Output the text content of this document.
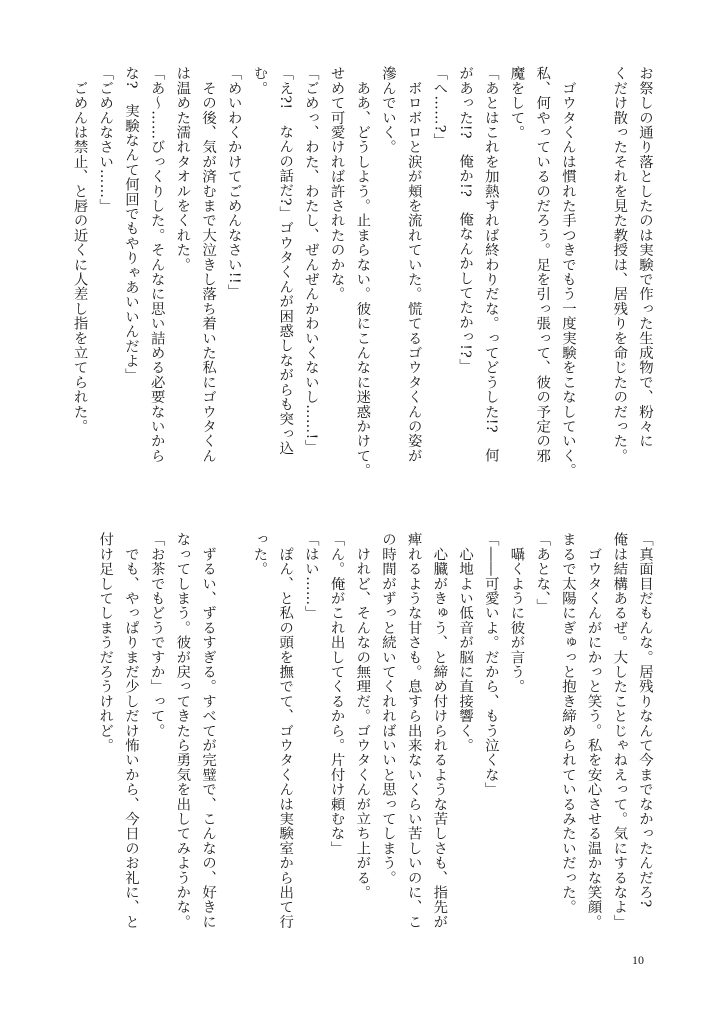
お祭しの通り落としたのは実験で作った生成物で、粉々に
くだけ散ったそれを見た教授は、居残りを命じたのだった。

　ゴウタくんは慣れた手つきでもう一度実験をこなしていく。
私、何やっているのだろう。足を引っ張って、彼の予定の邪
魔をして。
「あとはこれを加熱すれば終わりだな。ってどうした!?　何
があった!?　俺か!?　俺なんかしてたかっ!?」
「へ……?」
　ボロボロと涙が頬を流れていた。慌てるゴウタくんの姿が
滲んでいく。
　ああ、どうしよう。止まらない。彼にこんなに迷惑かけて。
せめて可愛ければ許されたのかな。
「ごめっ、わた、わたし、ぜんぜんかわいくないし……!」
「え?!　なんの話だ?」ゴウタくんが困惑しながらも突っ込
む。
「めいわくかけてごめんなさい!!」
　その後、気が済むまで大泣きし落ち着いた私にゴウタくん
は温めた濡れタオルをくれた。
「あ〜……びっくりした。そんなに思い詰める必要ないから
な?　実験なんて何回でもやりゃあいいんだよ」
「ごめんなさい……」
　ごめんは禁止、と唇の近くに人差し指を立てられた。
「真面目だもんな。居残りなんて今までなかったんだろ?
俺は結構あるぜ。大したことじゃねえって。気にするなよ」
　ゴウタくんがにかっと笑う。私を安心させる温かな笑顔。
まるで太陽にぎゅっと抱き締められているみたいだった。
「あとな、」
　囁くように彼が言う。
「――可愛いよ。だから、もう泣くな」
　心地よい低音が脳に直接響く。
　心臓がきゅう、と締め付けられるような苦しさも、指先が
痺れるような甘さも。息すら出来ないくらい苦しいのに、こ
の時間がずっと続いてくれればいいと思ってしまう。
　けれど、そんなの無理だ。ゴウタくんが立ち上がる。
「ん。俺がこれ出してくるから。片付け頼むな」
「はい……」
　ぽん、と私の頭を撫でて、ゴウタくんは実験室から出て行
った。

　ずるい、ずるすぎる。すべてが完璧で、こんなの、好きに
なってしまう。彼が戻ってきたら勇気を出してみようかな。
「お茶でもどうですか」って。
　でも、やっぱりまだ少しだけ怖いから、今日のお礼に、と
付け足してしまうだろうけれど。
10
